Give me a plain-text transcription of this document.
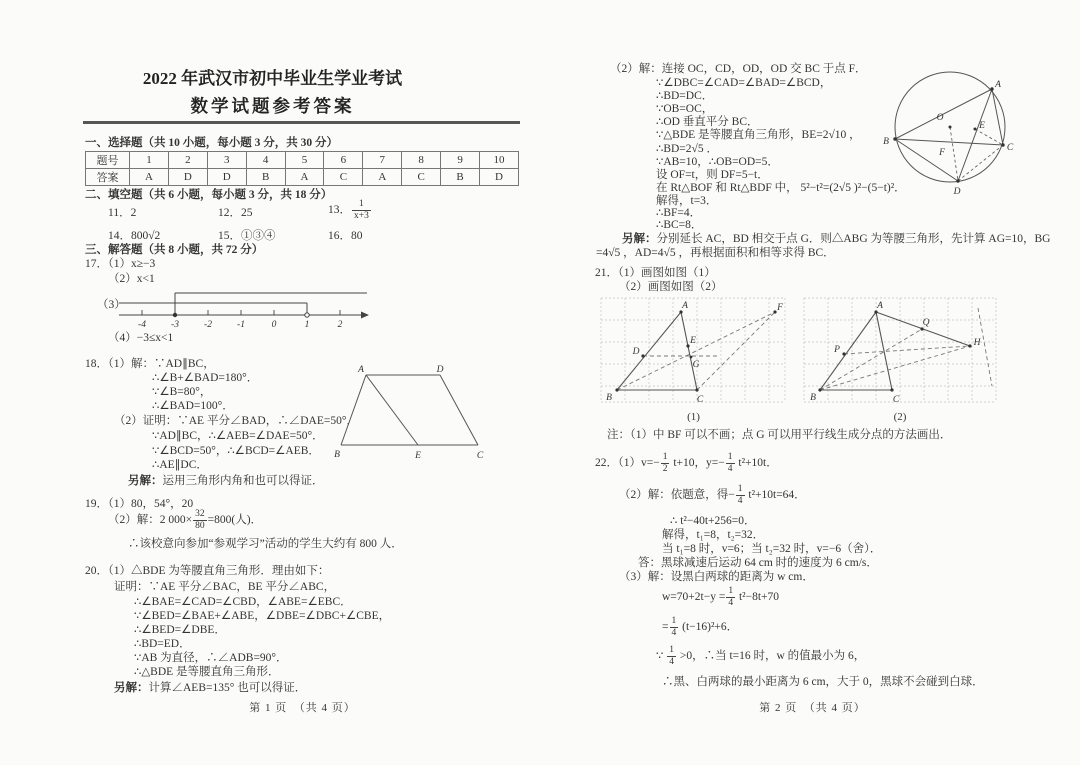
2022 年武汉市初中毕业生学业考试
数学试题参考答案
一、选择题（共 10 小题，每小题 3 分，共 30 分）
题号	1	2	3	4	5	6	7	8	9	10
答案	A	D	D	B	A	C	A	C	B	D
二、填空题（共 6 小题，每小题 3 分，共 18 分）
11．2	12．25	13． $\frac{1}{x+3}$
14．800√2	15．①③④	16．80
三、解答题（共 8 小题，共 72 分）
17．（1）x≥−3
（2）x<1
（3）
-4	-3	-2	-1	0	1	2
（4）−3≤x<1
18．（1）解：∵AD∥BC，
∴∠B+∠BAD=180°．
∵∠B=80°，
∴∠BAD=100°．
（2）证明：∵AE 平分∠BAD，∴∠DAE=50°．
∵AD∥BC，∴∠AEB=∠DAE=50°．
∵∠BCD=50°，∴∠BCD=∠AEB．
∴AE∥DC．
另解：运用三角形内角和也可以得证．
A	D
B	E	C
19．（1）80，54°，20
（2）解：2 $000\times \frac{32}{80} =800$(人)．
∴该校意向参加“参观学习”活动的学生大约有 800 人．
20．（1）△BDE 为等腰直角三角形．理由如下：
证明：∵AE 平分∠BAC，BE 平分∠ABC，
∴∠BAE=∠CAD=∠CBD，∠ABE=∠EBC．
∵∠BED=∠BAE+∠ABE，∠DBE=∠DBC+∠CBE，
∴∠BED=∠DBE．
∴BD=ED．
∵AB 为直径，∴∠ADB=90°．
∴△BDE 是等腰直角三角形．
另解：计算∠AEB=135° 也可以得证．
第 1 页　（共 4 页）
（2）解：连接 OC，CD，OD，OD 交 BC 于点 F．
∵∠DBC=∠CAD=∠BAD=∠BCD，
∴BD=DC．
∵OB=OC，
∴OD 垂直平分 BC．
∵△BDE 是等腰直角三角形，BE=2√10 ，
∴BD=2√5 ．
∵AB=10，∴OB=OD=5．
设 OF=t，则 DF=5−t．
在 Rt△BOF 和 Rt△BDF 中， 5²−t²=(2√5 )²−(5−t)²．
解得，t=3．
∴BF=4．
∴BC=8．
另解：分别延长 AC，BD 相交于点 G．则△ABG 为等腰三角形，先计算 AG=10，BG
=4√5 ，AD=4√5 ，再根据面积和相等求得 BC．
O
A
B
C
D
E
F
21．（1）画图如图（1）
（2）画图如图（2）
A	F
E
D
G
B	C
A
Q
P
H
B	C
(1)	(2)
注：（1）中 BF 可以不画；点 G 可以用平行线生成分点的方法画出．
22．$(1)v=- \frac{1}{2} t+10$，$y=- \frac{1}{4} t^2+10t$．
（2）解：依题意，得− $\frac{1}{4} t^2+10t=64$．
∴ t²−40t+256=0．
解得，t₁=8，t₂=32．
当 t₁=8 时，v=6；当 t₂=32 时，v=−6（舍）．
答：黑球减速后运动 64 cm 时的速度为 6 cm/s．
（3）解：设黑白两球的距离为 w cm．
$w=70+2t-y = \frac{1}{4} t^2-8t+70$
= $\frac{1}{4} (t-16)^2+6$．
∵ $\frac{1}{4} >0$，∴当 t=16 时，w 的值最小为 6，
∴黑、白两球的最小距离为 6 cm，大于 0，黑球不会碰到白球．
第 2 页　（共 4 页）
